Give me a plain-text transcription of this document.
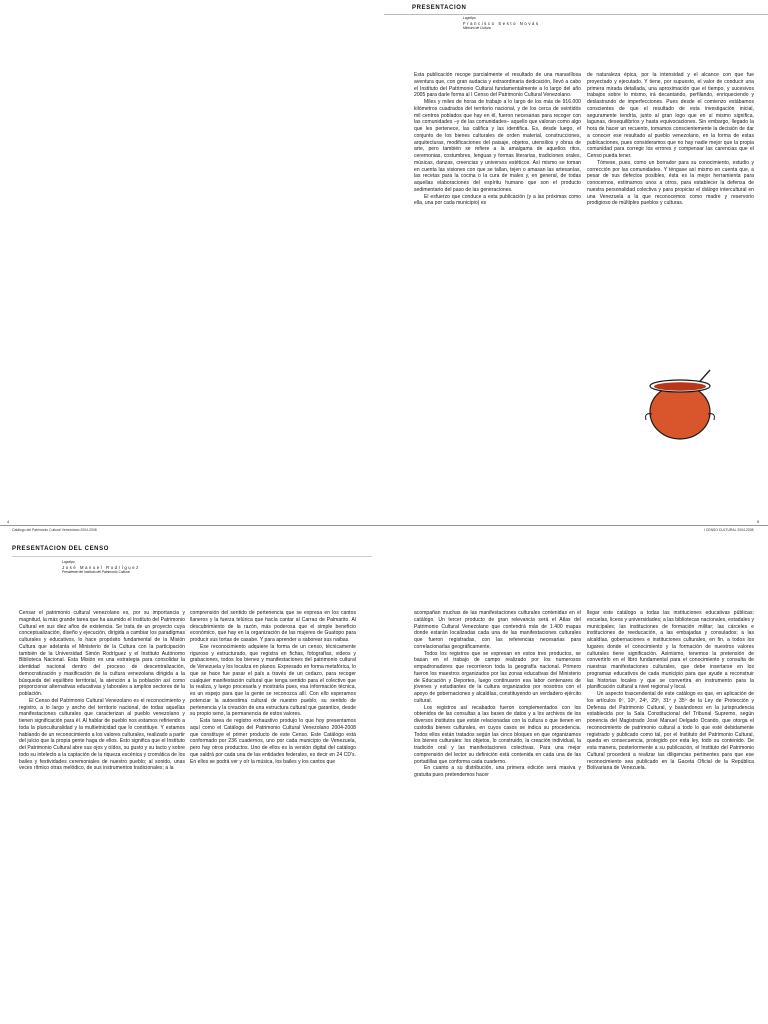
PRESENTACION
Logotipo
Francisco Sesto Novás
Ministro de Cultura

Esta publicación recoge parcialmente el resultado de una maravillosa aventura que, con gran audacia y extraordinaria dedicación, llevó a cabo el Instituto del Patrimonio Cultural fundamentalmente a lo largo del año 2005 para darle forma al I Censo del Patrimonio Cultural Venezolano.

Miles y miles de horas de trabajo a lo largo de los más de 916.000 kilómetros cuadrados del territorio nacional, y de los cerca de veintidós mil centros poblados que hay en él, fueron necesarias para recoger con las comunidades –y de las comunidades– aquello que valoran como algo que les pertenece, las califica y las identifica. Es, desde luego, el conjunto de los bienes culturales de orden material, construcciones, arquitecturas, modificaciones del paisaje, objetos, utensilios y obras de arte, pero también se refiere a la amalgama de aquellos ritos, ceremonias, costumbres, lenguas y formas literarias, tradiciones orales, músicas, danzas, creencias y universos estéticos. Así mismo se toman en cuenta las visiones con que se tallan, tejen o amasan las artesanías, las recetas para la cocina o la cura de males y, en general, de todas aquellas elaboraciones del espíritu humano que son el producto sedimentario del paso de las generaciones.

El esfuerzo que conduce a esta publicación (y a las próximas como ella, una por cada municipio) es

de naturaleza épica, por la intensidad y el alcance con que fue proyectado y ejecutado. Y tiene, por supuesto, el valor de conducir una primera mirada detallada, una aproximación que el tiempo, y sucesivos trabajos sobre lo mismo, irá decantando, perfilando, enriqueciendo y deslastrando de imperfecciones. Pues desde el comienzo estábamos conscientes de que el resultado de esta investigación inicial, seguramente tendría, junto al gran logo que en sí mismo significa, lagunas, desequilibrios y hasta equivocaciones. Sin embargo, llegado la hora de hacer un recuento, tomamos conscientemente la decisión de dar a conocer ese resultado al pueblo venezolano, en la forma de estas publicaciones, pues consideramos que no hay nadie mejor que la propia comunidad para corregir los errores y compensar las carencias que el Censo pueda tener.

Tómese, pues, como un borrador para su conocimiento, estudio y corrección por las comunidades. Y téngase así mismo en cuenta que, a pesar de sus defectos posibles, ésta es la mejor herramienta para conocernos, estimarnos unos a otros, para establecer la defensa de nuestra personalidad colectiva y para propiciar el diálogo intercultural en una Venezuela a la que reconocemos como madre y reservorio prodigioso de múltiples pueblos y culturas.

Catálogo del Patrimonio Cultural Venezolano 2004-2008	I CENSO CULTURAL 2004-2008
4	5
PRESENTACION DEL CENSO
Logotipo
José Manuel Rodríguez
Presidente del Instituto del Patrimonio Cultural

Censar el patrimonio cultural venezolano es, por su importancia y magnitud, la más grande tarea que ha asumido el Instituto del Patrimonio Cultural en sus diez años de existencia. Se trata de un proyecto cuya conceptualización, diseño y ejecución, dirigida a cambiar los paradigmas culturales y educativos, lo hace propósito fundamental de la Misión Cultura que adelanta el Ministerio de la Cultura con la participación también de la Universidad Simón Rodríguez y el Instituto Autónomo Biblioteca Nacional. Esta Misión es una estrategia para consolidar la identidad nacional dentro del proceso de descentralización, democratización y masificación de la cultura venezolana dirigida a la búsqueda del equilibrio territorial, la atención a la población así como proporcionar alternativas educativas y laborales a amplios sectores de la población.

El Censo del Patrimonio Cultural Venezolano es el reconocimiento y registro, a lo largo y ancho del territorio nacional, de todas aquellas manifestaciones culturales que caracterizan al pueblo venezolano y tienen significación para él. Al hablar de pueblo nos estamos refiriendo a toda la pluriculturalidad y la multietnicidad que lo constituye. Y estamos hablando de un reconocimiento a los valores culturales, realizado a partir del juicio que la propia gente haga de ellos. Esto significa que el Instituto del Patrimonio Cultural abre sus ojos y oídos, su gusto y su tacto y sobre todo su intelecto a la captación de la riqueza escénica y cromática de los bailes y festividades ceremoniales de nuestro pueblo; al sonido, unas veces rítmico otras melódico, de sus instrumentos tradicionales; a la

comprensión del sentido de pertenencia que se expresa en los cantos llaneros y la fuerza telúrica que hacía cantar al Carrao de Palmarito. Al descubrimiento de la razón, más poderosa que el simple beneficio económico, que hay en la organización de las mujeres de Guatopo para producir sus tortas de casabe. Y para aprender a saborear sus naibas.

Ese reconocimiento adquiere la forma de un censo, técnicamente riguroso y estructurado, que registra en fichas, fotografías, videos y grabaciones, todos los bienes y manifestaciones del patrimonio cultural de Venezuela y los localiza en planos. Expresado en forma metafórica, lo que se hace fue pasar el país a través de un cedazo, para recoger cualquier manifestación cultural que tenga sentido para el colectivo que la realiza, y luego procesarla y mostrarla pues, esa información técnica, es un espejo para que la gente se reconozca allí. Con ello esperamos potenciar la autoestima cultural de nuestro pueblo, su sentido de pertenencia y la creación de una estructura cultural que garantice, desde su propio seno, la permanencia de estos valores.

Esta tarea de registro exhaustivo produjo lo que hoy presentamos aquí como el Catálogo del Patrimonio Cultural Venezolano 2004-2008 que constituye el primer producto de este Censo. Este Catálogo está conformado por 236 cuadernos, uno por cada municipio de Venezuela, pero hay otros productos. Uno de ellos es la versión digital del catálogo que saldrá por cada una de las entidades federales, es decir en 24 CD's. En ellos se podrá ver y oír la música, los bailes y los cantos que

acompañan muchas de las manifestaciones culturales contenidas en el catálogo. Un tercer producto de gran relevancia será el Atlas del Patrimonio Cultural Venezolano que contendrá más de 1.400 mapas donde estarán localizadas cada una de las manifestaciones culturales que fueron registradas, con las referencias necesarias para correlacionarlas geográficamente.

Todos los registros que se expresan en estos tres productos, se basan en el trabajo de campo realizado por los numerosos empadronadores que recorrieron toda la geografía nacional. Primero fueron los maestros organizados por las zonas educativas del Ministerio de Educación y Deportes, luego continuaron esa labor centenares de jóvenes y estudiantes de la cultura organizados por nosotros con el apoyo de gobernaciones y alcaldías, constituyendo un verdadero ejército cultural.

Los registros así recabados fueron complementados con los obtenidos de las consultas a las bases de datos y a los archivos de los diversos institutos que están relacionadas con la cultura o que tienen en custodia bienes culturales, en cuyos casos se indica su procedencia. Todos ellos están tratados según las cinco bloques en que organizamos los bienes culturales: los objetos, lo construido, la creación individual, la tradición oral y las manifestaciones colectivas. Para una mejor comprensión del lector su definición está contenida en cada una de las portadillas que conforma cada cuaderno.

En cuanto a su distribución, una primera edición será masiva y gratuita pues pretendemos hacer

llegar este catálogo a todas las instituciones educativas públicas: escuelas, liceos y universidades; a las bibliotecas nacionales, estadales y municipales; las instituciones de formación militar; las cárceles e instituciones de reeducación, a las embajadas y consulados; a las alcaldías, gobernaciones e instituciones culturales, en fin, a todos los lugares donde el conocimiento y la formación de nuestros valores culturales tiene significación. Asimismo, tenemos la pretensión de convertirlo en el libro fundamental para el conocimiento y consulta de nuestras manifestaciones culturales, que debe insertarse en los programas educativos de cada municipio para que ayude a reconstruir las historias locales y que se convertira en instrumento para la planificación cultural a nivel regional y local.

Un aspecto trascendental de este catálogo es que, en aplicación de los artículos 6º, 10º, 24º, 29º, 31º y 35º de la Ley de Protección y Defensa del Patrimonio Cultural, y basándonos en la jurisprudencia establecida por la Sala Constitucional del Tribunal Supremo, según ponencia del Magistrado José Manuel Delgado Ocando, que otorga el reconocimiento de patrimonio cultural a todo lo que esté debidamente registrado y publicado como tal, por el Instituto del Patrimonio Cultural, queda en consecuencia, protegido por esta ley, todo su contenido. De esta manera, posteriormente a su publicación, el Instituto del Patrimonio Cultural procederá a realizar las diligencias pertinentes para que ese reconocimiento sea publicado en la Gaceta Oficial de la República Bolivariana de Venezuela.
